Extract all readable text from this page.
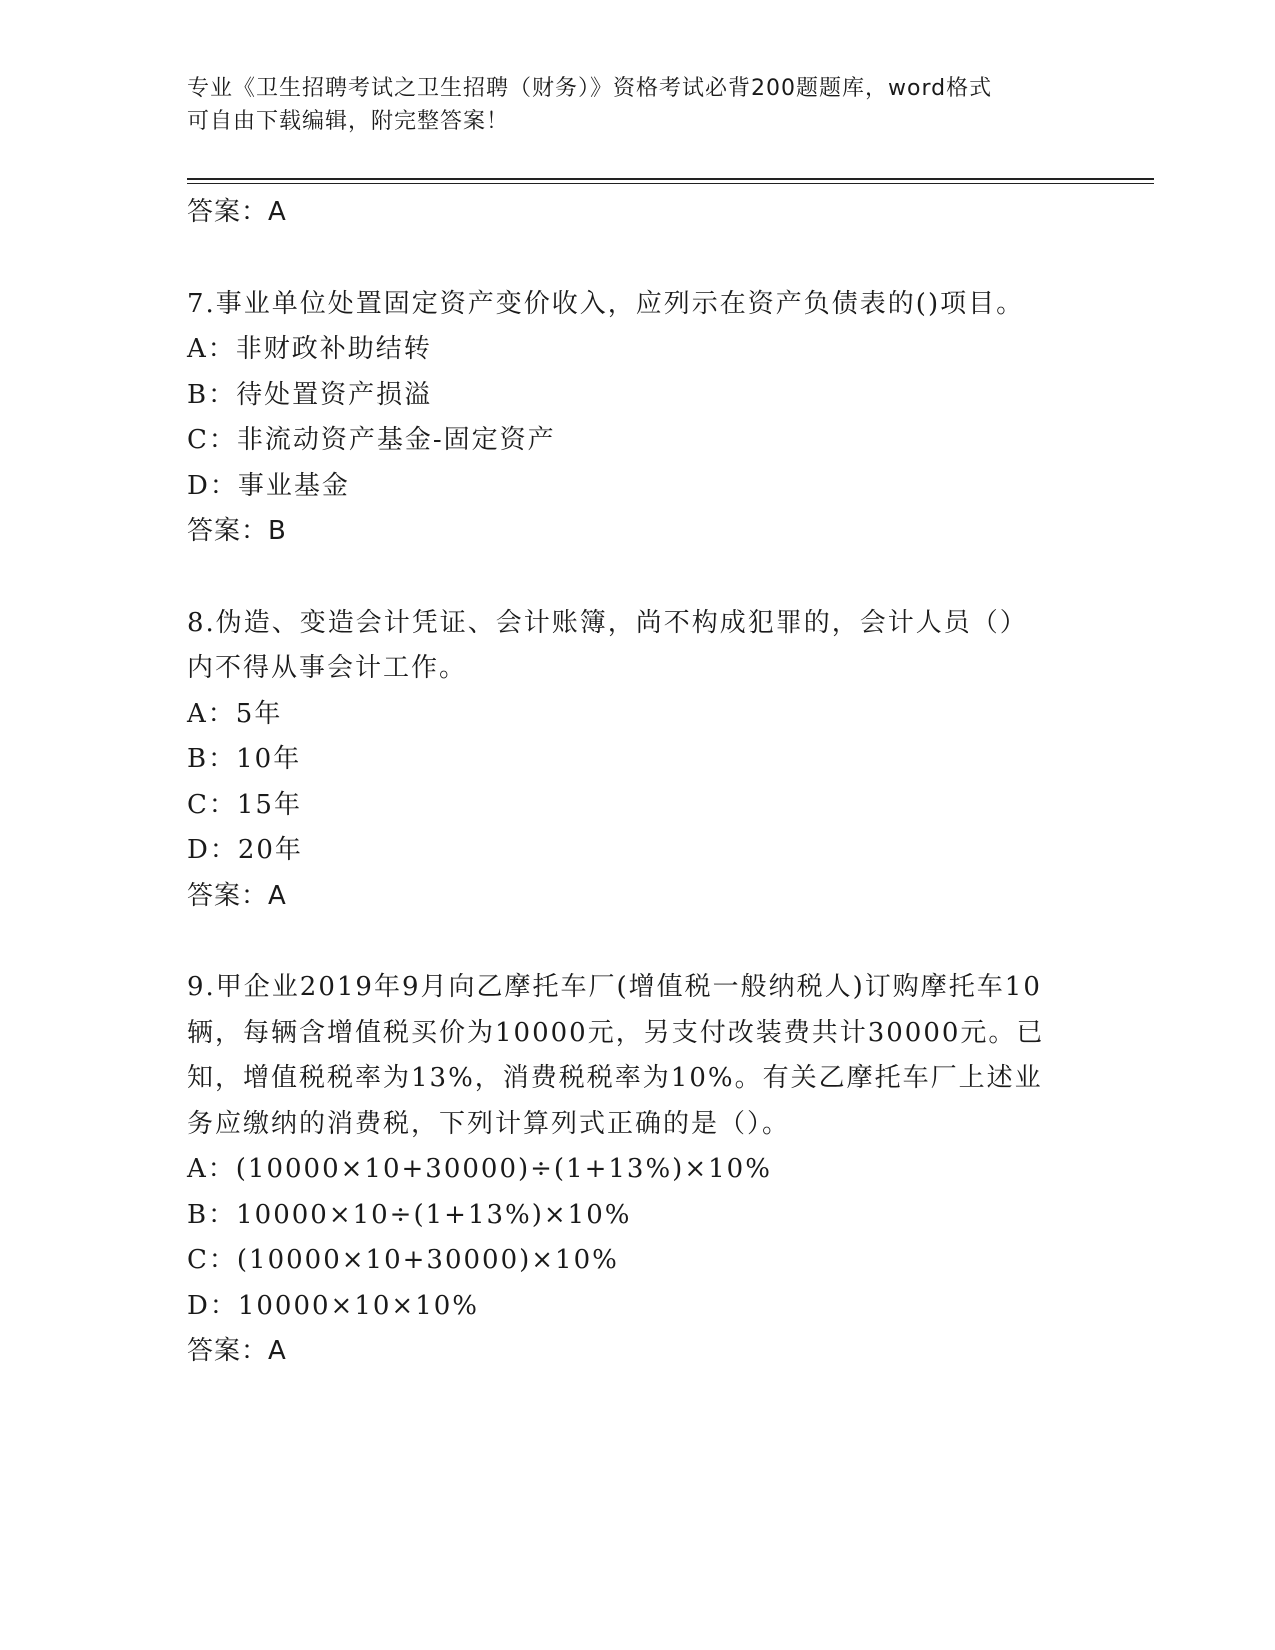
专业《卫生招聘考试之卫生招聘（财务）》资格考试必背200题题库，word格式
可自由下载编辑，附完整答案！
答案：A
7.事业单位处置固定资产变价收入，应列示在资产负债表的()项目。
A：非财政补助结转
B：待处置资产损溢
C：非流动资产基金-固定资产
D：事业基金
答案：B
8.伪造、变造会计凭证、会计账簿，尚不构成犯罪的，会计人员（）
内不得从事会计工作。
A：5年
B：10年
C：15年
D：20年
答案：A
9.甲企业2019年9月向乙摩托车厂(增值税一般纳税人)订购摩托车10
辆，每辆含增值税买价为10000元，另支付改装费共计30000元。已
知，增值税税率为13%，消费税税率为10%。有关乙摩托车厂上述业
务应缴纳的消费税，下列计算列式正确的是（）。
A：(10000×10+30000)÷(1+13%)×10%
B：10000×10÷(1+13%)×10%
C：(10000×10+30000)×10%
D：10000×10×10%
答案：A
